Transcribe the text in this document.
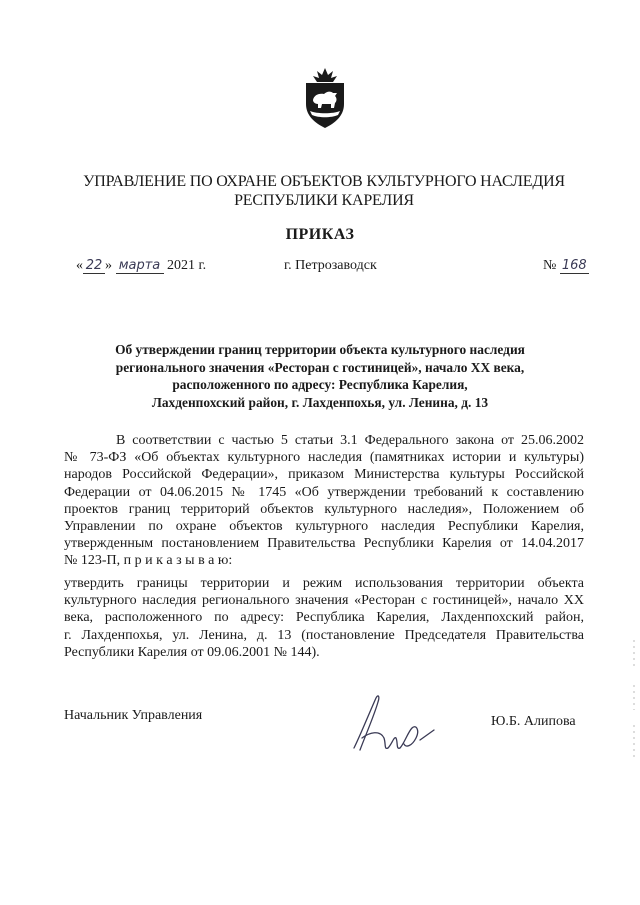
УПРАВЛЕНИЕ ПО ОХРАНЕ ОБЪЕКТОВ КУЛЬТУРНОГО НАСЛЕДИЯ
РЕСПУБЛИКИ КАРЕЛИЯ
ПРИКАЗ
« 22 » марта 2021 г.	г. Петрозаводск	№ 168
Об утверждении границ территории объекта культурного наследия
регионального значения «Ресторан с гостиницей», начало XX века,
расположенного по адресу: Республика Карелия,
Лахденпохский район, г. Лахденпохья, ул. Ленина, д. 13
В соответствии с частью 5 статьи 3.1 Федерального закона от 25.06.2002
№ 73-ФЗ «Об объектах культурного наследия (памятниках истории и культуры)
народов Российской Федерации», приказом Министерства культуры Российской
Федерации от 04.06.2015 № 1745 «Об утверждении требований к составлению
проектов границ территорий объектов культурного наследия», Положением об
Управлении по охране объектов культурного наследия Республики Карелия,
утвержденным постановлением Правительства Республики Карелия от 14.04.2017
№ 123-П, п р и к а з ы в а ю:
утвердить границы территории и режим использования территории объекта
культурного наследия регионального значения «Ресторан с гостиницей», начало XX
века, расположенного по адресу: Республика Карелия, Лахденпохский район,
г. Лахденпохья, ул. Ленина, д. 13 (постановление Председателя Правительства
Республики Карелия от 09.06.2001 № 144).
Начальник Управления	Ю.Б. Алипова
